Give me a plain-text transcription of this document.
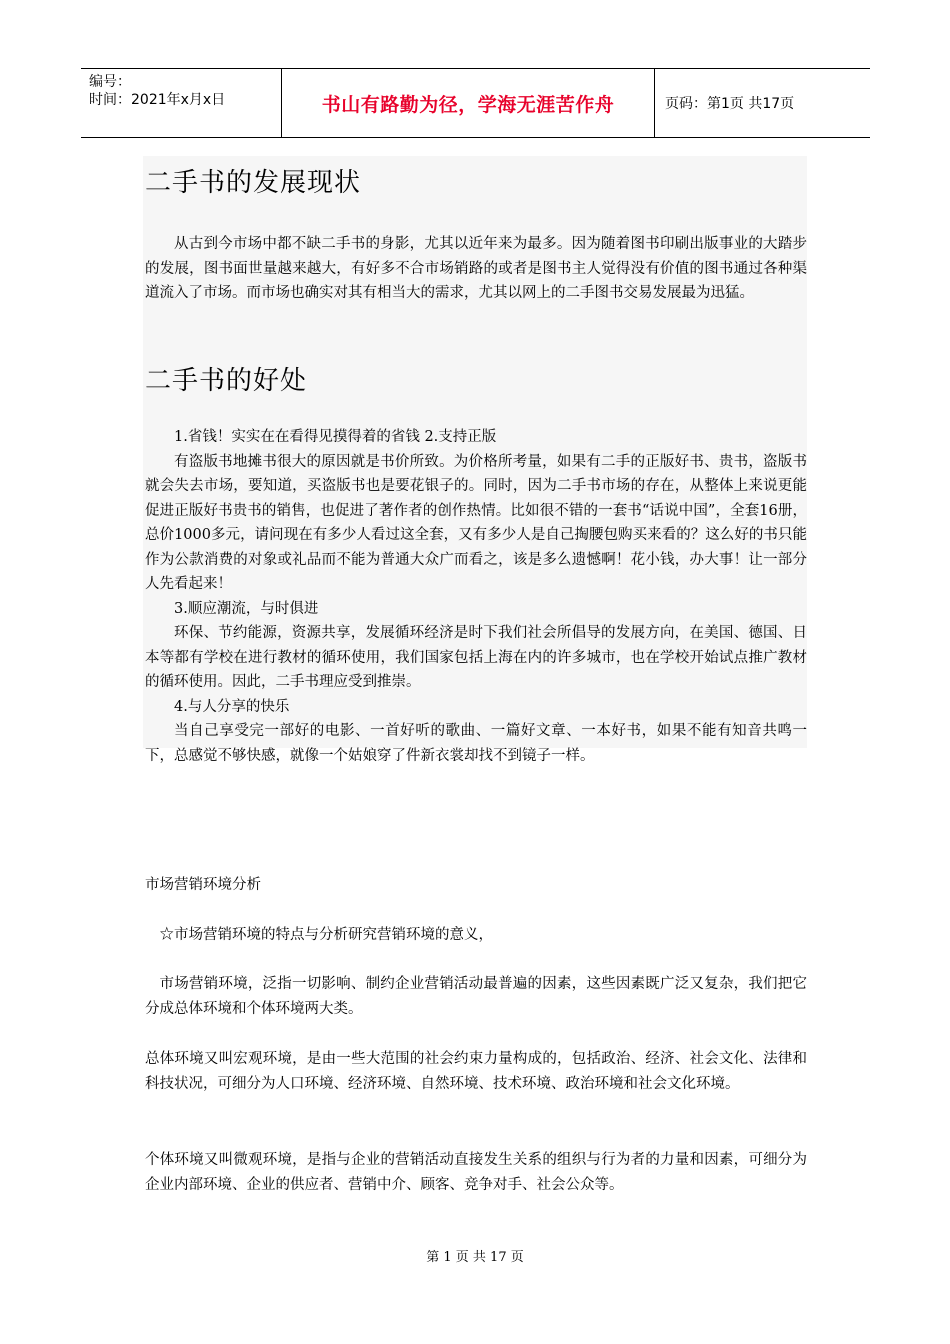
编号：
时间：2021年x月x日	书山有路勤为径，学海无涯苦作舟	页码：第1页 共17页
二手书的发展现状

从古到今市场中都不缺二手书的身影，尤其以近年来为最多。因为随着图书印刷出版事业的大踏步的发展，图书面世量越来越大，有好多不合市场销路的或者是图书主人觉得没有价值的图书通过各种渠道流入了市场。而市场也确实对其有相当大的需求，尤其以网上的二手图书交易发展最为迅猛。

二手书的好处

1.省钱！实实在在看得见摸得着的省钱 2.支持正版

有盗版书地摊书很大的原因就是书价所致。为价格所考量，如果有二手的正版好书、贵书，盗版书就会失去市场，要知道，买盗版书也是要花银子的。同时，因为二手书市场的存在，从整体上来说更能促进正版好书贵书的销售，也促进了著作者的创作热情。比如很不错的一套书“话说中国”，全套16册，总价1000多元，请问现在有多少人看过这全套，又有多少人是自己掏腰包购买来看的？这么好的书只能作为公款消费的对象或礼品而不能为普通大众广而看之，该是多么遗憾啊！花小钱，办大事！让一部分人先看起来！

3.顺应潮流，与时俱进

环保、节约能源，资源共享，发展循环经济是时下我们社会所倡导的发展方向，在美国、德国、日本等都有学校在进行教材的循环使用，我们国家包括上海在内的许多城市，也在学校开始试点推广教材的循环使用。因此，二手书理应受到推崇。

4.与人分享的快乐

当自己享受完一部好的电影、一首好听的歌曲、一篇好文章、一本好书，如果不能有知音共鸣一下，总感觉不够快感，就像一个姑娘穿了件新衣裳却找不到镜子一样。

市场营销环境分析

☆市场营销环境的特点与分析研究营销环境的意义，

市场营销环境，泛指一切影响、制约企业营销活动最普遍的因素，这些因素既广泛又复杂，我们把它分成总体环境和个体环境两大类。

总体环境又叫宏观环境，是由一些大范围的社会约束力量构成的，包括政治、经济、社会文化、法律和科技状况，可细分为人口环境、经济环境、自然环境、技术环境、政治环境和社会文化环境。

个体环境又叫微观环境，是指与企业的营销活动直接发生关系的组织与行为者的力量和因素，可细分为企业内部环境、企业的供应者、营销中介、顾客、竞争对手、社会公众等。

第 1 页 共 17 页
